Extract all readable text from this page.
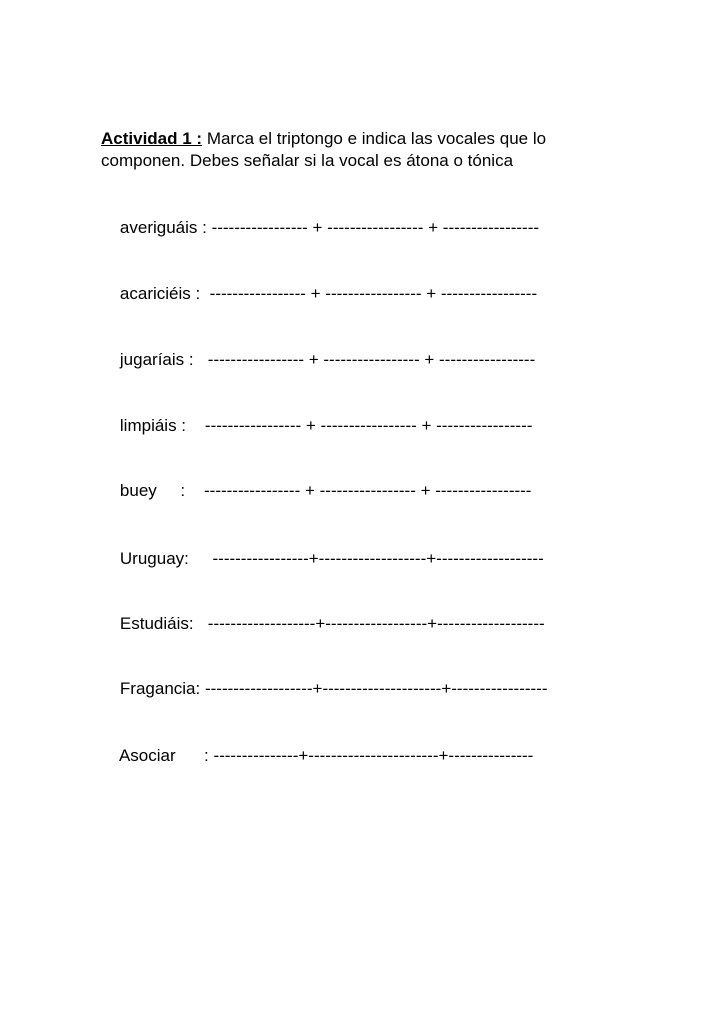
Actividad 1 : Marca el triptongo e indica las vocales que lo
componen. Debes señalar si la vocal es átona o tónica

averiguáis : ----------------- + ----------------- + -----------------

acariciéis :  ----------------- + ----------------- + -----------------

jugaríais :   ----------------- + ----------------- + -----------------

limpiáis :    ----------------- + ----------------- + -----------------

buey     :    ----------------- + ----------------- + -----------------

Uruguay:     -----------------+-------------------+-------------------

Estudiáis:   -------------------+------------------+-------------------

Fragancia: -------------------+---------------------+-----------------

Asociar      : ---------------+-----------------------+---------------
